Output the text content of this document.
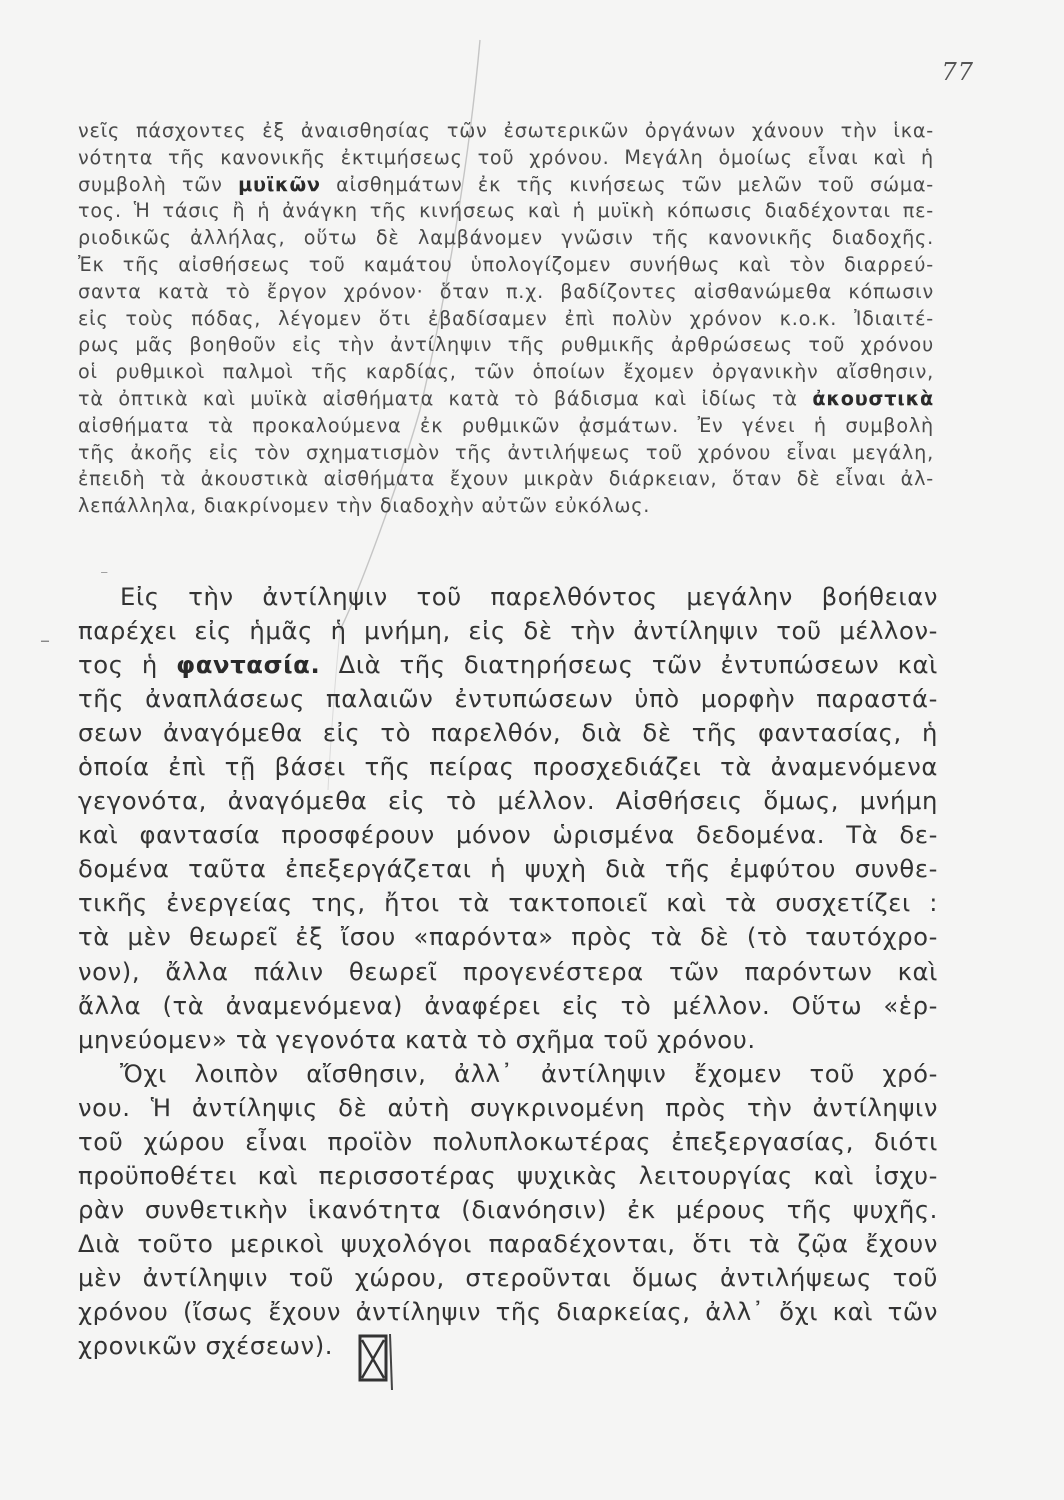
77
νεῖς πάσχοντες ἐξ ἀναισθησίας τῶν ἐσωτερικῶν ὀργάνων χάνουν τὴν ἱκα-
νότητα τῆς κανονικῆς ἐκτιμήσεως τοῦ χρόνου. Μεγάλη ὁμοίως εἶναι καὶ ἡ
συμβολὴ τῶν μυϊκῶν αἰσθημάτων ἐκ τῆς κινήσεως τῶν μελῶν τοῦ σώμα-
τος. Ἡ τάσις ἢ ἡ ἀνάγκη τῆς κινήσεως καὶ ἡ μυϊκὴ κόπωσις διαδέχονται πε-
ριοδικῶς ἀλλήλας, οὕτω δὲ λαμβάνομεν γνῶσιν τῆς κανονικῆς διαδοχῆς.
Ἐκ τῆς αἰσθήσεως τοῦ καμάτου ὑπολογίζομεν συνήθως καὶ τὸν διαρρεύ-
σαντα κατὰ τὸ ἔργον χρόνον· ὅταν π.χ. βαδίζοντες αἰσθανώμεθα κόπωσιν
εἰς τοὺς πόδας, λέγομεν ὅτι ἐβαδίσαμεν ἐπὶ πολὺν χρόνον κ.ο.κ. Ἰδιαιτέ-
ρως μᾶς βοηθοῦν εἰς τὴν ἀντίληψιν τῆς ρυθμικῆς ἀρθρώσεως τοῦ χρόνου
οἱ ρυθμικοὶ παλμοὶ τῆς καρδίας, τῶν ὁποίων ἔχομεν ὀργανικὴν αἴσθησιν,
τὰ ὀπτικὰ καὶ μυϊκὰ αἰσθήματα κατὰ τὸ βάδισμα καὶ ἰδίως τὰ ἀκουστικὰ
αἰσθήματα τὰ προκαλούμενα ἐκ ρυθμικῶν ᾀσμάτων. Ἐν γένει ἡ συμβολὴ
τῆς ἀκοῆς εἰς τὸν σχηματισμὸν τῆς ἀντιλήψεως τοῦ χρόνου εἶναι μεγάλη,
ἐπειδὴ τὰ ἀκουστικὰ αἰσθήματα ἔχουν μικρὰν διάρκειαν, ὅταν δὲ εἶναι ἀλ-
λεπάλληλα, διακρίνομεν τὴν διαδοχὴν αὐτῶν εὐκόλως.
Εἰς τὴν ἀντίληψιν τοῦ παρελθόντος μεγάλην βοήθειαν
παρέχει εἰς ἡμᾶς ἡ μνήμη, εἰς δὲ τὴν ἀντίληψιν τοῦ μέλλον-
τος ἡ φαντασία. Διὰ τῆς διατηρήσεως τῶν ἐντυπώσεων καὶ
τῆς ἀναπλάσεως παλαιῶν ἐντυπώσεων ὑπὸ μορφὴν παραστά-
σεων ἀναγόμεθα εἰς τὸ παρελθόν, διὰ δὲ τῆς φαντασίας, ἡ
ὁποία ἐπὶ τῇ βάσει τῆς πείρας προσχεδιάζει τὰ ἀναμενόμενα
γεγονότα, ἀναγόμεθα εἰς τὸ μέλλον. Αἰσθήσεις ὅμως, μνήμη
καὶ φαντασία προσφέρουν μόνον ὡρισμένα δεδομένα. Τὰ δε-
δομένα ταῦτα ἐπεξεργάζεται ἡ ψυχὴ διὰ τῆς ἐμφύτου συνθε-
τικῆς ἐνεργείας της, ἤτοι τὰ τακτοποιεῖ καὶ τὰ συσχετίζει :
τὰ μὲν θεωρεῖ ἐξ ἴσου «παρόντα» πρὸς τὰ δὲ (τὸ ταυτόχρο-
νον), ἄλλα πάλιν θεωρεῖ προγενέστερα τῶν παρόντων καὶ
ἄλλα (τὰ ἀναμενόμενα) ἀναφέρει εἰς τὸ μέλλον. Οὕτω «ἑρ-
μηνεύομεν» τὰ γεγονότα κατὰ τὸ σχῆμα τοῦ χρόνου.
Ὄχι λοιπὸν αἴσθησιν, ἀλλ᾽ ἀντίληψιν ἔχομεν τοῦ χρό-
νου. Ἡ ἀντίληψις δὲ αὐτὴ συγκρινομένη πρὸς τὴν ἀντίληψιν
τοῦ χώρου εἶναι προϊὸν πολυπλοκωτέρας ἐπεξεργασίας, διότι
προϋποθέτει καὶ περισσοτέρας ψυχικὰς λειτουργίας καὶ ἰσχυ-
ρὰν συνθετικὴν ἱκανότητα (διανόησιν) ἐκ μέρους τῆς ψυχῆς.
Διὰ τοῦτο μερικοὶ ψυχολόγοι παραδέχονται, ὅτι τὰ ζῷα ἔχουν
μὲν ἀντίληψιν τοῦ χώρου, στεροῦνται ὅμως ἀντιλήψεως τοῦ
χρόνου (ἴσως ἔχουν ἀντίληψιν τῆς διαρκείας, ἀλλ᾽ ὄχι καὶ τῶν
χρονικῶν σχέσεων).
–
⁻
